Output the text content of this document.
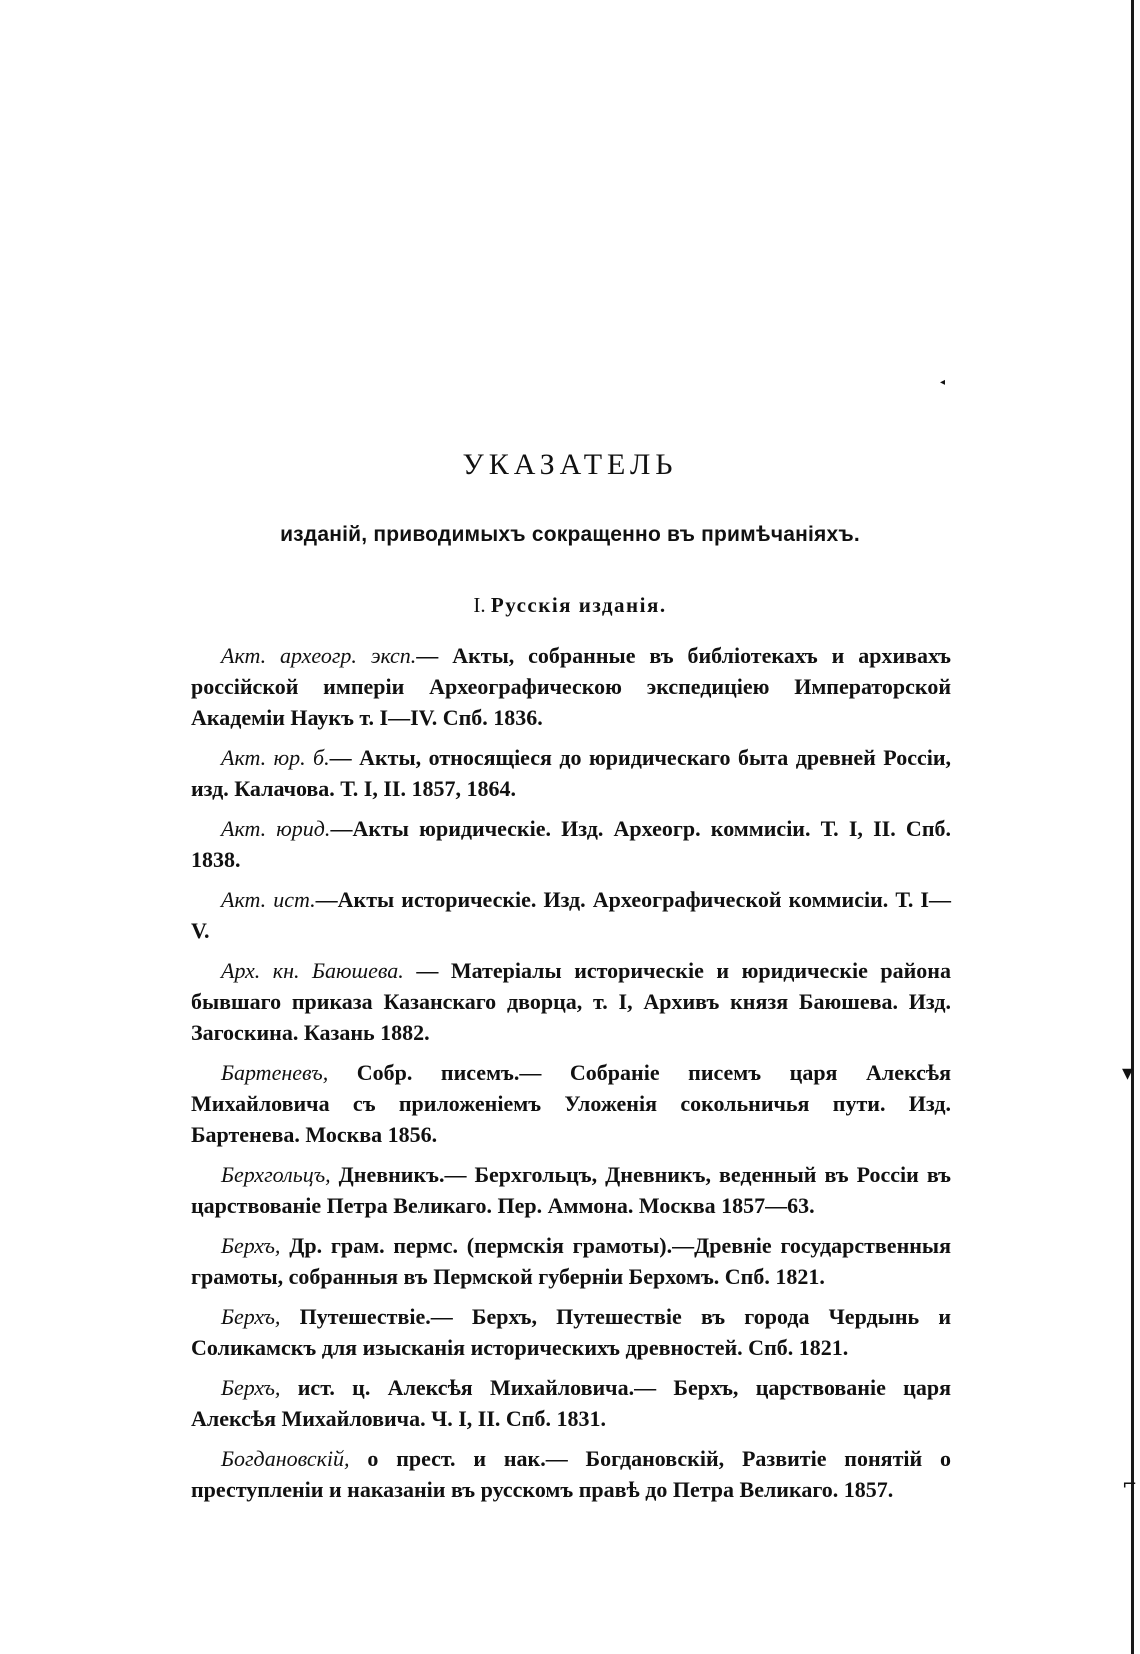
▾
⌐
◂
УКАЗАТЕЛЬ
изданій, приводимыхъ сокращенно въ примѣчаніяхъ.
I. Русскія изданія.

Акт. археогр. эксп.— Акты, собранные въ библіотекахъ и архивахъ россійской имперіи Археографическою экспедиціею Императорской Академіи Наукъ т. I—IV. Спб. 1836.

Акт. юр. б.— Акты, относящіеся до юридическаго быта древней Россіи, изд. Калачова. Т. I, II. 1857, 1864.

Акт. юрид.—Акты юридическіе. Изд. Археогр. коммисіи. Т. I, II. Спб. 1838.

Акт. ист.—Акты историческіе. Изд. Археографической коммисіи. Т. I—V.

Арх. кн. Баюшева. — Матеріалы историческіе и юридическіе района бывшаго приказа Казанскаго дворца, т. I, Архивъ князя Баюшева. Изд. Загоскина. Казань 1882.

Бартеневъ, Собр. писемъ.— Собраніе писемъ царя Алексѣя Михайловича съ приложеніемъ Уложенія сокольничья пути. Изд. Бартенева. Москва 1856.

Берхгольцъ, Дневникъ.— Берхгольцъ, Дневникъ, веденный въ Россіи въ царствованіе Петра Великаго. Пер. Аммона. Москва 1857—63.

Берхъ, Др. грам. пермс. (пермскія грамоты).—Древніе государственныя грамоты, собранныя въ Пермской губерніи Берхомъ. Спб. 1821.

Берхъ, Путешествіе.— Берхъ, Путешествіе въ города Чердынь и Соликамскъ для изысканія историческихъ древностей. Спб. 1821.

Берхъ, ист. ц. Алексѣя Михайловича.— Берхъ, царствованіе царя Алексѣя Михайловича. Ч. I, II. Спб. 1831.

Богдановскій, о прест. и нак.— Богдановскій, Развитіе понятій о преступленіи и наказаніи въ русскомъ правѣ до Петра Великаго. 1857.
